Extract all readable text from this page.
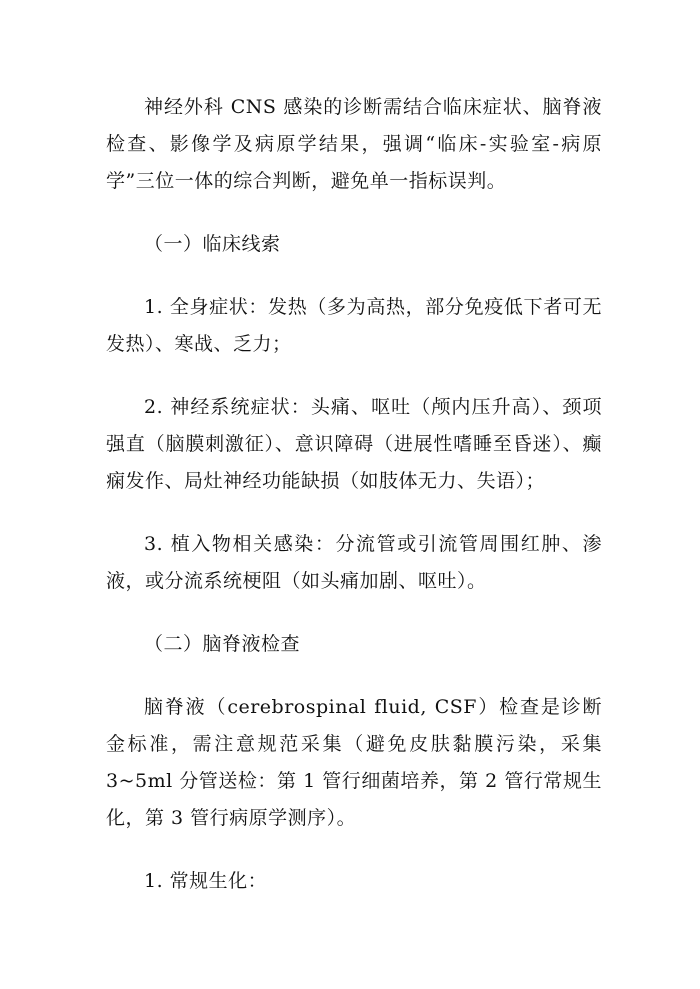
神经外科 CNS 感染的诊断需结合临床症状、脑脊液检查、影像学及病原学结果，强调“临床-实验室-病原学”三位一体的综合判断，避免单一指标误判。

（一）临床线索

1. 全身症状：发热（多为高热，部分免疫低下者可无发热）、寒战、乏力；

2. 神经系统症状：头痛、呕吐（颅内压升高）、颈项强直（脑膜刺激征）、意识障碍（进展性嗜睡至昏迷）、癫痫发作、局灶神经功能缺损（如肢体无力、失语）；

3. 植入物相关感染：分流管或引流管周围红肿、渗液，或分流系统梗阻（如头痛加剧、呕吐）。

（二）脑脊液检查

脑脊液（cerebrospinal fluid, CSF）检查是诊断金标准，需注意规范采集（避免皮肤黏膜污染，采集 3~5ml 分管送检：第 1 管行细菌培养，第 2 管行常规生化，第 3 管行病原学测序）。

1. 常规生化：
